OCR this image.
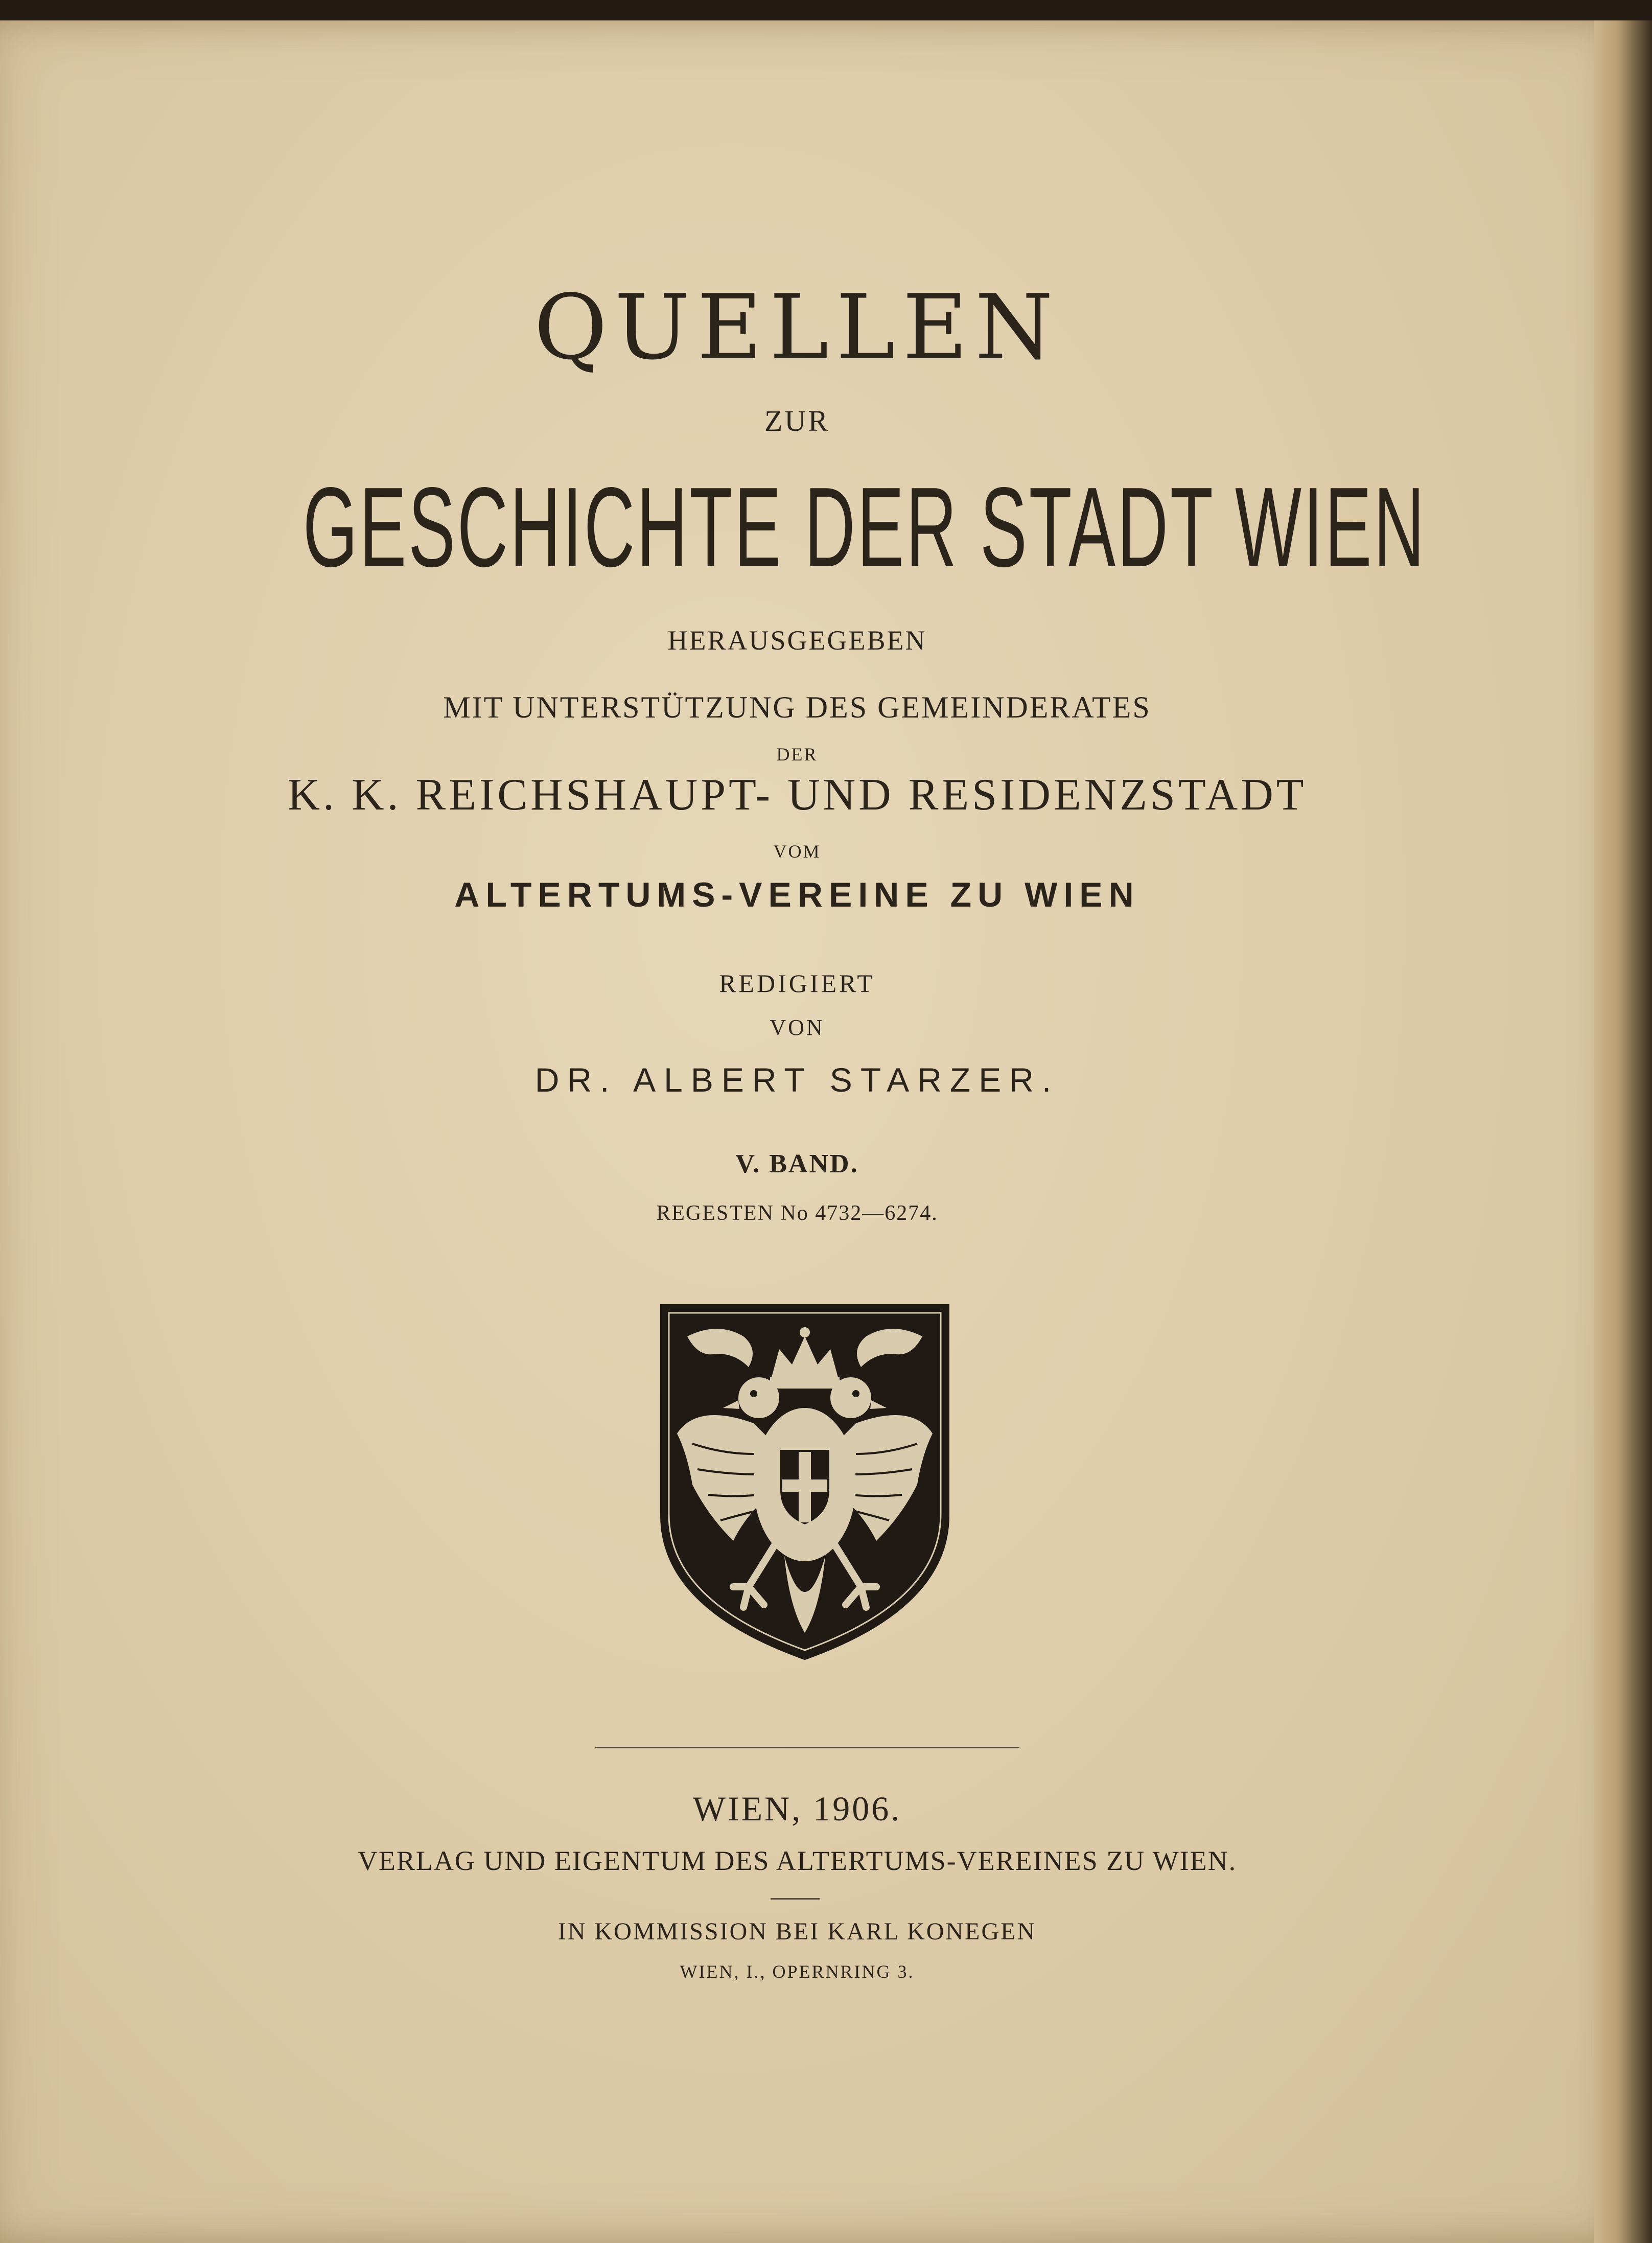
QUELLEN
ZUR
GESCHICHTE DER STADT WIEN
HERAUSGEGEBEN
MIT UNTERSTÜTZUNG DES GEMEINDERATES
DER
K. K. REICHSHAUPT- UND RESIDENZSTADT
VOM
ALTERTUMS-VEREINE ZU WIEN
REDIGIERT
VON
DR. ALBERT STARZER.
V. BAND.
REGESTEN No 4732—6274.
WIEN, 1906.
VERLAG UND EIGENTUM DES ALTERTUMS-VEREINES ZU WIEN.
IN KOMMISSION BEI KARL KONEGEN
WIEN, I., OPERNRING 3.
